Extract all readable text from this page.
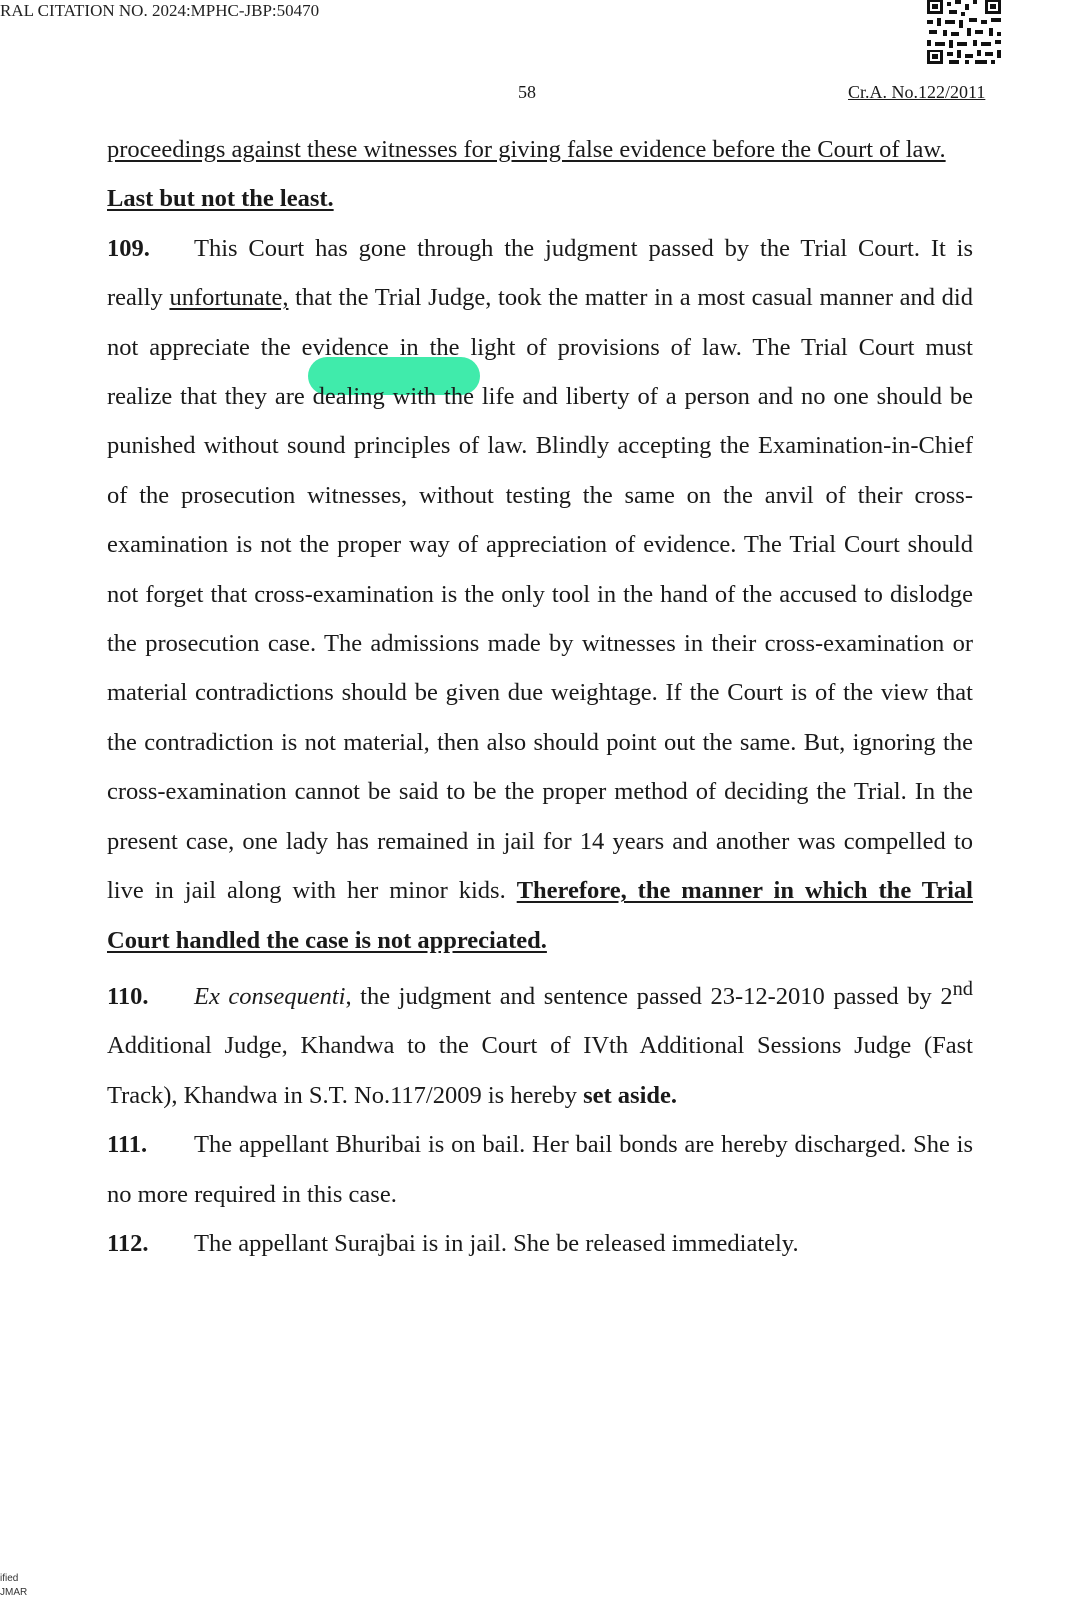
RAL CITATION NO. 2024:MPHC-JBP:50470
58	Cr.A. No.122/2011

proceedings against these witnesses for giving false evidence before the Court of law.

Last but not the least.

109. This Court has gone through the judgment passed by the Trial Court. It is really unfortunate, that the Trial Judge, took the matter in a most casual manner and did not appreciate the evidence in the light of provisions of law. The Trial Court must realize that they are dealing with the life and liberty of a person and no one should be punished without sound principles of law. Blindly accepting the Examination-in-Chief of the prosecution witnesses, without testing the same on the anvil of their cross-examination is not the proper way of appreciation of evidence. The Trial Court should not forget that cross-examination is the only tool in the hand of the accused to dislodge the prosecution case. The admissions made by witnesses in their cross-examination or material contradictions should be given due weightage. If the Court is of the view that the contradiction is not material, then also should point out the same. But, ignoring the cross-examination cannot be said to be the proper method of deciding the Trial. In the present case, one lady has remained in jail for 14 years and another was compelled to live in jail along with her minor kids. Therefore, the manner in which the Trial Court handled the case is not appreciated.

110. Ex consequenti, the judgment and sentence passed 23-12-2010 passed by 2nd Additional Judge, Khandwa to the Court of IVth Additional Sessions Judge (Fast Track), Khandwa in S.T. No.117/2009 is hereby set aside.

111. The appellant Bhuribai is on bail. Her bail bonds are hereby discharged. She is no more required in this case.

112. The appellant Surajbai is in jail. She be released immediately.

ified
JMAR
